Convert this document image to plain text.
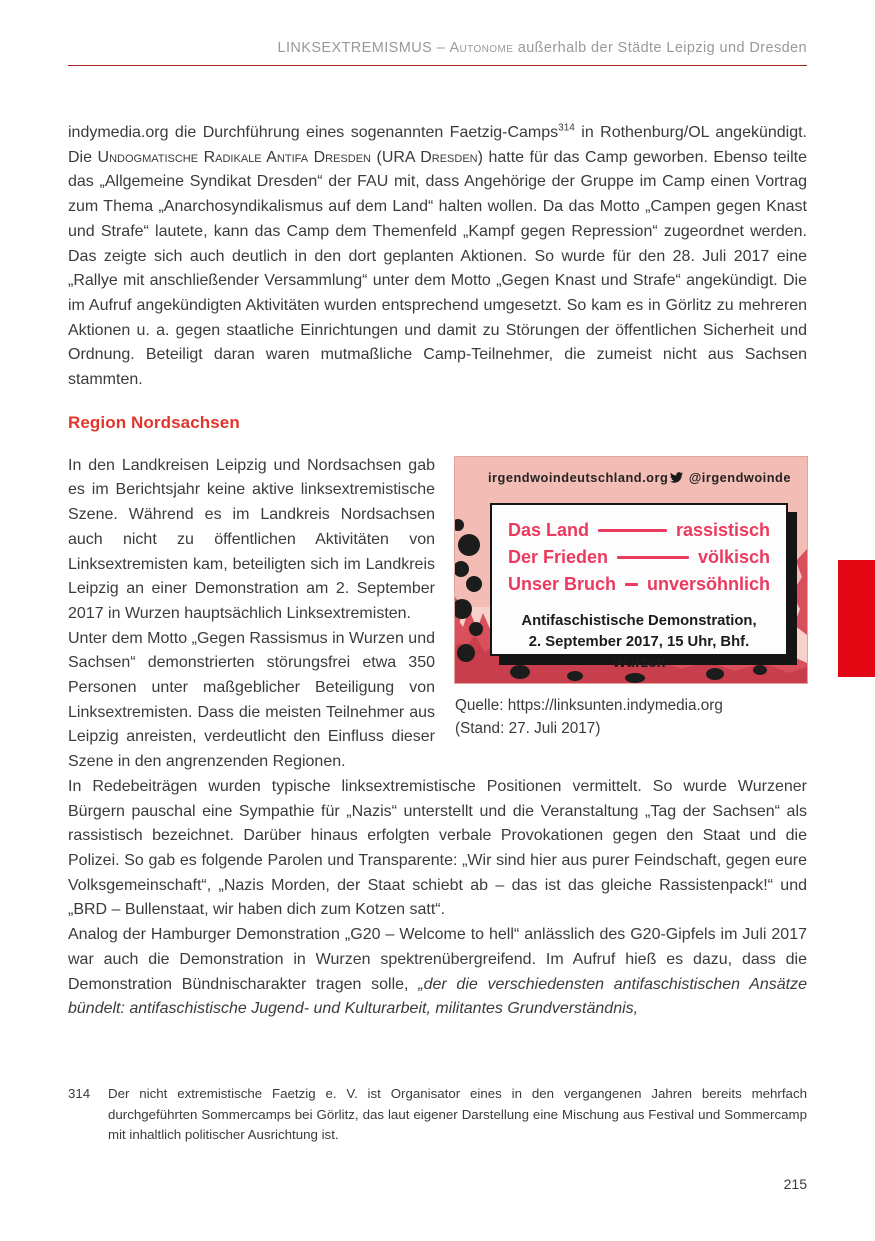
LINKSEXTREMISMUS – Autonome außerhalb der Städte Leipzig und Dresden

indymedia.org die Durchführung eines sogenannten Faetzig-Camps$^{314}$ in Rothenburg/OL angekündigt. Die Undogmatische Radikale Antifa Dresden (URA Dresden) hatte für das Camp geworben. Ebenso teilte das „Allgemeine Syndikat Dresden“ der FAU mit, dass Angehörige der Gruppe im Camp einen Vortrag zum Thema „Anarchosyndikalismus auf dem Land“ halten wollen. Da das Motto „Campen gegen Knast und Strafe“ lautete, kann das Camp dem Themenfeld „Kampf gegen Repression“ zugeordnet werden. Das zeigte sich auch deutlich in den dort geplanten Aktionen. So wurde für den 28. Juli 2017 eine „Rallye mit anschließender Versammlung“ unter dem Motto „Gegen Knast und Strafe“ angekündigt. Die im Aufruf angekündigten Aktivitäten wurden entsprechend umgesetzt. So kam es in Görlitz zu mehreren Aktionen u. a. gegen staatliche Einrichtungen und damit zu Störungen der öffentlichen Sicherheit und Ordnung. Beteiligt daran waren mutmaßliche Camp-Teilnehmer, die zumeist nicht aus Sachsen stammten.

Region Nordsachsen
irgendwoindeutschland.org @irgendwoinde
Das Land	rassistisch
Der Frieden	völkisch
Unser Bruch unversöhnlich
Antifaschistische Demonstration,
2. September 2017, 15 Uhr, Bhf. Wurzen
Quelle: https://linksunten.indymedia.org
(Stand: 27. Juli 2017)

In den Landkreisen Leipzig und Nordsachsen gab es im Berichtsjahr keine aktive linksextremistische Szene. Während es im Landkreis Nordsachsen auch nicht zu öffentlichen Aktivitäten von Linksextremisten kam, beteiligten sich im Landkreis Leipzig an einer Demonstration am 2. September 2017 in Wurzen hauptsächlich Linksextremisten.

Unter dem Motto „Gegen Rassismus in Wurzen und Sachsen“ demonstrierten störungsfrei etwa 350 Personen unter maßgeblicher Beteiligung von Linksextremisten. Dass die meisten Teilnehmer aus Leipzig anreisten, verdeutlicht den Einfluss dieser Szene in den angrenzenden Regionen.

In Redebeiträgen wurden typische linksextremistische Positionen vermittelt. So wurde Wurzener Bürgern pauschal eine Sympathie für „Nazis“ unterstellt und die Veranstaltung „Tag der Sachsen“ als rassistisch bezeichnet. Darüber hinaus erfolgten verbale Provokationen gegen den Staat und die Polizei. So gab es folgende Parolen und Transparente: „Wir sind hier aus purer Feindschaft, gegen eure Volksgemeinschaft“, „Nazis Morden, der Staat schiebt ab – das ist das gleiche Rassistenpack!“ und „BRD – Bullenstaat, wir haben dich zum Kotzen satt“.

Analog der Hamburger Demonstration „G20 – Welcome to hell“ anlässlich des G20-Gipfels im Juli 2017 war auch die Demonstration in Wurzen spektrenübergreifend. Im Aufruf hieß es dazu, dass die Demonstration Bündnischarakter tragen solle, „der die verschiedensten antifaschistischen Ansätze bündelt: antifaschistische Jugend- und Kulturarbeit, militantes Grundverständnis,

314	Der nicht extremistische Faetzig e. V. ist Organisator eines in den vergangenen Jahren bereits mehrfach durchgeführten Sommercamps bei Görlitz, das laut eigener Darstellung eine Mischung aus Festival und Sommercamp mit inhaltlich politischer Ausrichtung ist.
215
